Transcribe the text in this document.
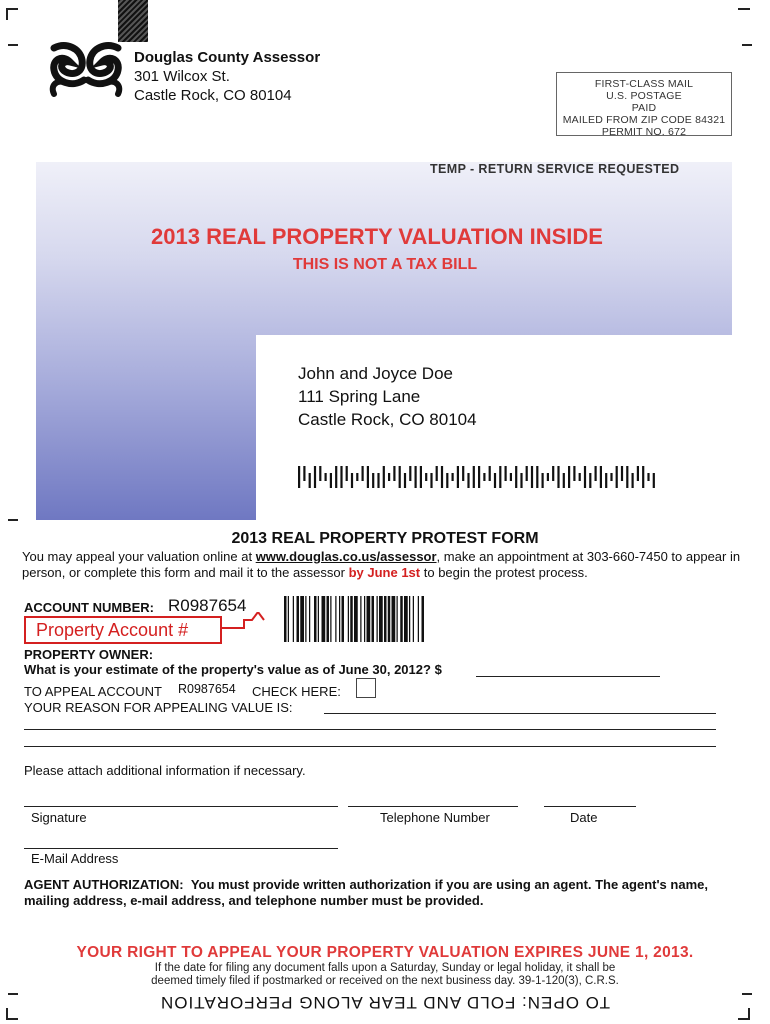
Douglas County Assessor
301 Wilcox St.
Castle Rock, CO 80104
FIRST-CLASS MAIL
U.S. POSTAGE
PAID
MAILED FROM ZIP CODE 84321
PERMIT NO. 672
TEMP - RETURN SERVICE REQUESTED
2013 REAL PROPERTY VALUATION INSIDE
THIS IS NOT A TAX BILL
John and Joyce Doe
111 Spring Lane
Castle Rock, CO 80104
2013 REAL PROPERTY PROTEST FORM
You may appeal your valuation online at www.douglas.co.us/assessor, make an appointment at 303-660-7450 to appear in person, or complete this form and mail it to the assessor by June 1st to begin the protest process.
ACCOUNT NUMBER: R0987654
Property Account #
PROPERTY OWNER:
What is your estimate of the property's value as of June 30, 2012? $
TO APPEAL ACCOUNT R0987654 CHECK HERE:
YOUR REASON FOR APPEALING VALUE IS:
Please attach additional information if necessary.
Signature	Telephone Number	Date
E-Mail Address
AGENT AUTHORIZATION: You must provide written authorization if you are using an agent. The agent's name, mailing address, e-mail address, and telephone number must be provided.
YOUR RIGHT TO APPEAL YOUR PROPERTY VALUATION EXPIRES JUNE 1, 2013.
If the date for filing any document falls upon a Saturday, Sunday or legal holiday, it shall be
deemed timely filed if postmarked or received on the next business day. 39-1-120(3), C.R.S.
TO OPEN: FOLD AND TEAR ALONG PERFORATION
